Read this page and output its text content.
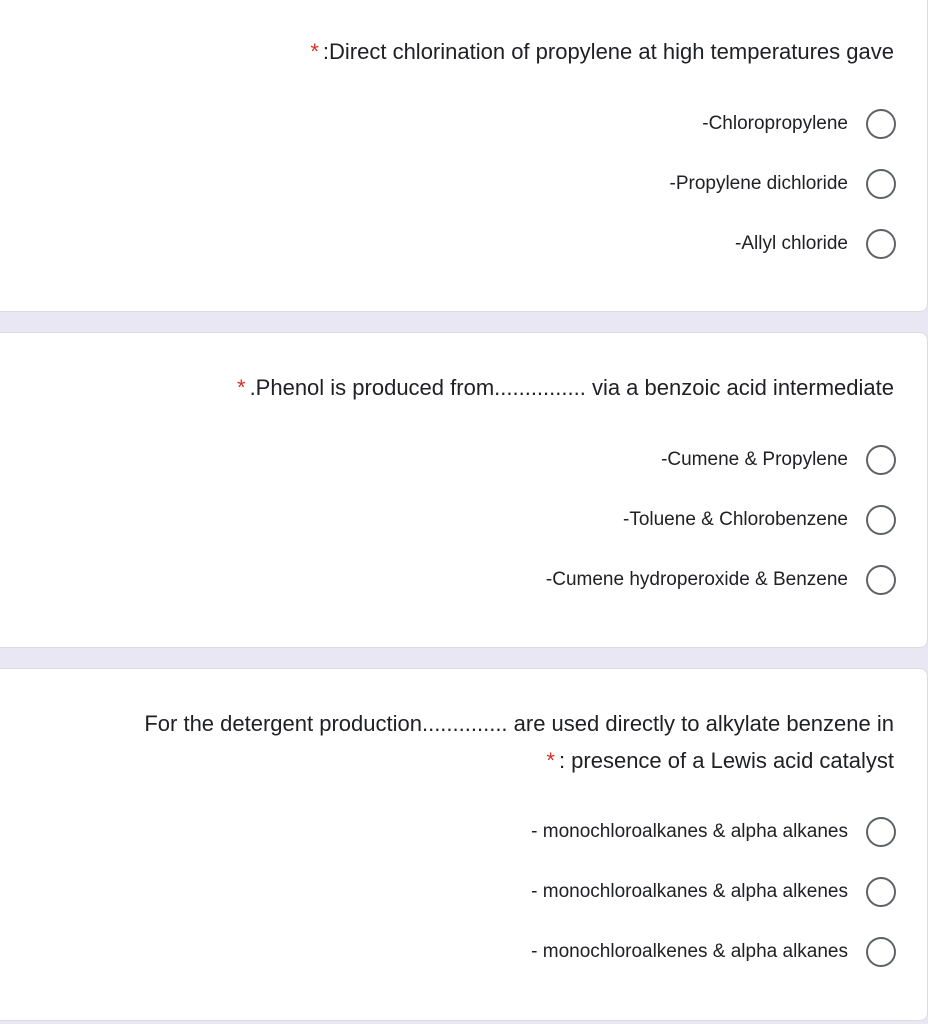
* :Direct chlorination of propylene at high temperatures gave
-Chloropropylene
-Propylene dichloride
-Allyl chloride
* .Phenol is produced from............... via a benzoic acid intermediate
-Cumene & Propylene
-Toluene & Chlorobenzene
-Cumene hydroperoxide & Benzene
For the detergent production.............. are used directly to alkylate benzene in
* : presence of a Lewis acid catalyst
- monochloroalkanes & alpha alkanes
- monochloroalkanes & alpha alkenes
- monochloroalkenes & alpha alkanes
